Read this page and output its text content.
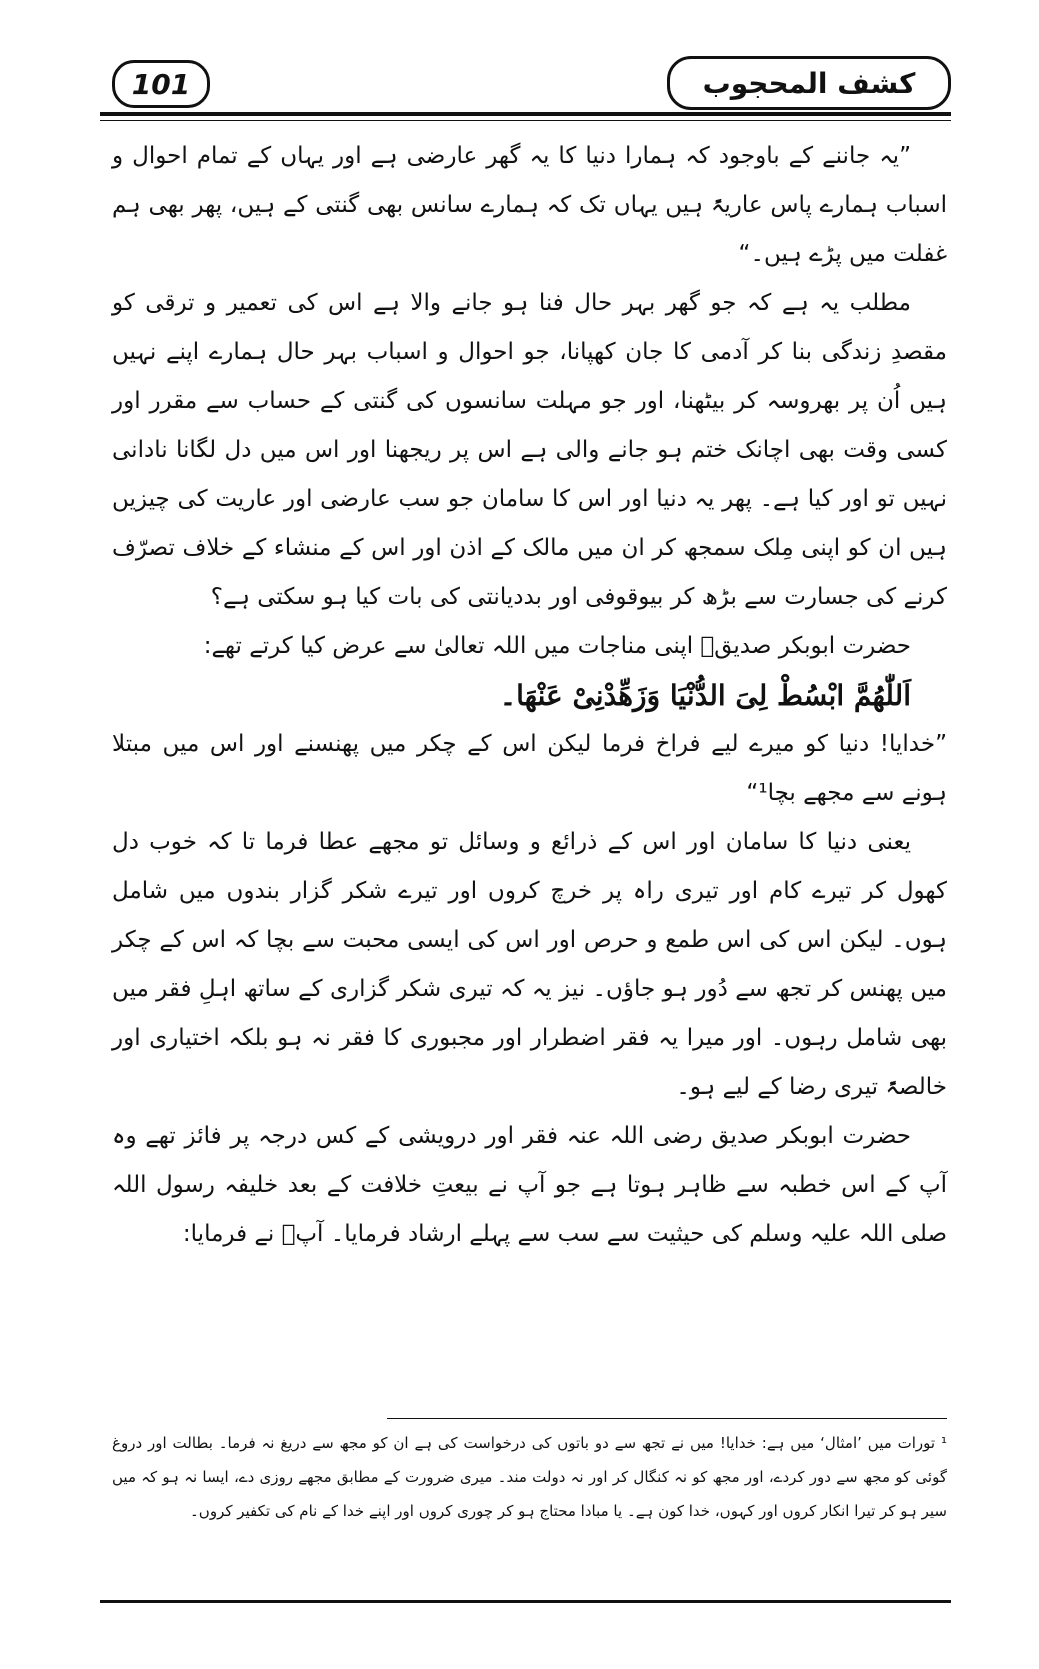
101	کشف المحجوب

”یہ جاننے کے باوجود کہ ہمارا دنیا کا یہ گھر عارضی ہے اور یہاں کے تمام احوال و اسباب ہمارے پاس عاریۃً ہیں یہاں تک کہ ہمارے سانس بھی گنتی کے ہیں، پھر بھی ہم غفلت میں پڑے ہیں۔“

مطلب یہ ہے کہ جو گھر بہر حال فنا ہو جانے والا ہے اس کی تعمیر و ترقی کو مقصدِ زندگی بنا کر آدمی کا جان کھپانا، جو احوال و اسباب بہر حال ہمارے اپنے نہیں ہیں اُن پر بھروسہ کر بیٹھنا، اور جو مہلت سانسوں کی گنتی کے حساب سے مقرر اور کسی وقت بھی اچانک ختم ہو جانے والی ہے اس پر ریجھنا اور اس میں دل لگانا نادانی نہیں تو اور کیا ہے۔ پھر یہ دنیا اور اس کا سامان جو سب عارضی اور عاریت کی چیزیں ہیں ان کو اپنی مِلک سمجھ کر ان میں مالک کے اذن اور اس کے منشاء کے خلاف تصرّف کرنے کی جسارت سے بڑھ کر بیوقوفی اور بددیانتی کی بات کیا ہو سکتی ہے؟

حضرت ابوبکر صدیقؓ اپنی مناجات میں اللہ تعالیٰ سے عرض کیا کرتے تھے:

اَللّٰهُمَّ ابْسُطْ لِیَ الدُّنْیَا وَزَهِّدْنِیْ عَنْهَا۔

”خدایا! دنیا کو میرے لیے فراخ فرما لیکن اس کے چکر میں پھنسنے اور اس میں مبتلا ہونے سے مجھے بچا¹“

یعنی دنیا کا سامان اور اس کے ذرائع و وسائل تو مجھے عطا فرما تا کہ خوب دل کھول کر تیرے کام اور تیری راہ پر خرچ کروں اور تیرے شکر گزار بندوں میں شامل ہوں۔ لیکن اس کی اس طمع و حرص اور اس کی ایسی محبت سے بچا کہ اس کے چکر میں پھنس کر تجھ سے دُور ہو جاؤں۔ نیز یہ کہ تیری شکر گزاری کے ساتھ اہلِ فقر میں بھی شامل رہوں۔ اور میرا یہ فقر اضطرار اور مجبوری کا فقر نہ ہو بلکہ اختیاری اور خالصۃً تیری رضا کے لیے ہو۔

حضرت ابوبکر صدیق رضی اللہ عنہ فقر اور درویشی کے کس درجہ پر فائز تھے وہ آپ کے اس خطبہ سے ظاہر ہوتا ہے جو آپ نے بیعتِ خلافت کے بعد خلیفہ رسول اللہ صلی اللہ علیہ وسلم کی حیثیت سے سب سے پہلے ارشاد فرمایا۔ آپؓ نے فرمایا:

¹ تورات میں ’امثال‘ میں ہے: خدایا! میں نے تجھ سے دو باتوں کی درخواست کی ہے ان کو مجھ سے دریغ نہ فرما۔ بطالت اور دروغ گوئی کو مجھ سے دور کردے، اور مجھ کو نہ کنگال کر اور نہ دولت مند۔ میری ضرورت کے مطابق مجھے روزی دے، ایسا نہ ہو کہ میں سیر ہو کر تیرا انکار کروں اور کہوں، خدا کون ہے۔ یا مبادا محتاج ہو کر چوری کروں اور اپنے خدا کے نام کی تکفیر کروں۔
